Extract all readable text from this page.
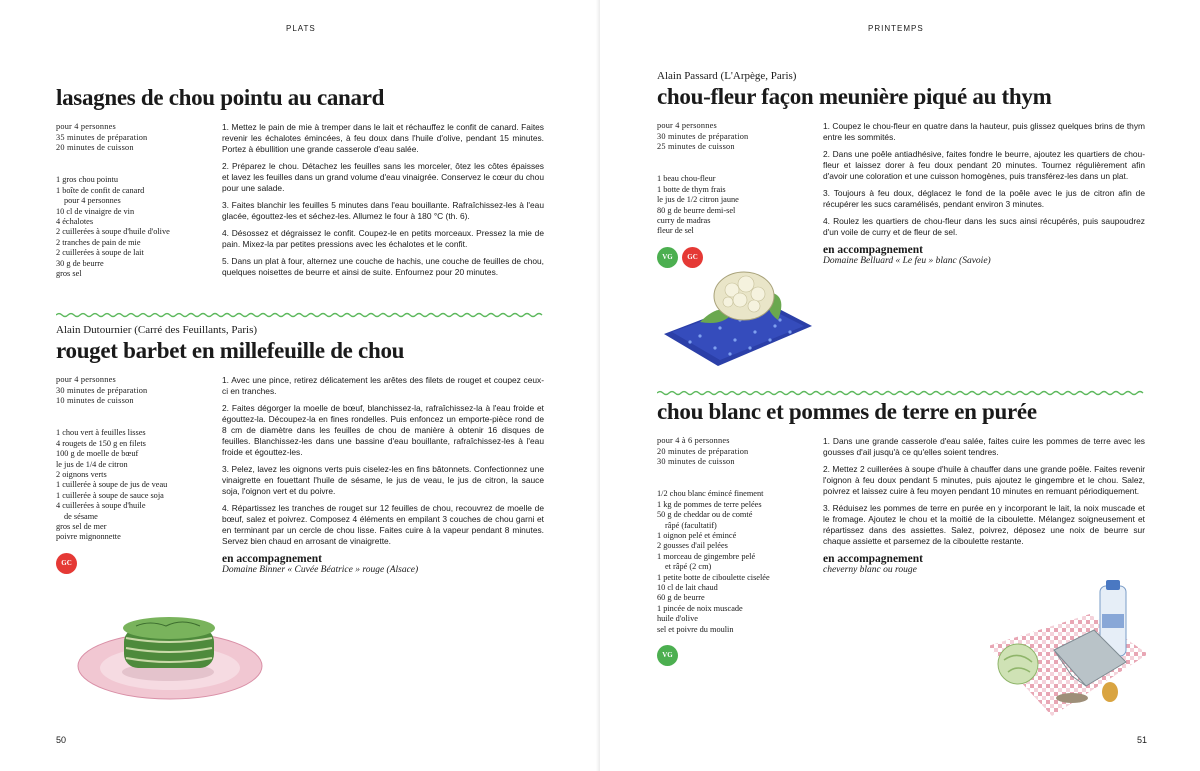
PLATS
lasagnes de chou pointu au canard
pour 4 personnes
35 minutes de préparation
20 minutes de cuisson
1 gros chou pointu
1 boîte de confit de canard
pour 4 personnes
10 cl de vinaigre de vin
4 échalotes
2 cuillerées à soupe d'huile d'olive
2 tranches de pain de mie
2 cuillerées à soupe de lait
30 g de beurre
gros sel

1. Mettez le pain de mie à tremper dans le lait et réchauffez le confit de canard. Faites revenir les échalotes émincées, à feu doux dans l'huile d'olive, pendant 15 minutes. Portez à ébullition une grande casserole d'eau salée.

2. Préparez le chou. Détachez les feuilles sans les morceler, ôtez les côtes épaisses et lavez les feuilles dans un grand volume d'eau vinaigrée. Conservez le cœur du chou pour une salade.

3. Faites blanchir les feuilles 5 minutes dans l'eau bouillante. Rafraîchissez-les à l'eau glacée, égouttez-les et séchez-les. Allumez le four à 180 °C (th. 6).

4. Désossez et dégraissez le confit. Coupez-le en petits morceaux. Pressez la mie de pain. Mixez-la par petites pressions avec les échalotes et le confit.

5. Dans un plat à four, alternez une couche de hachis, une couche de feuilles de chou, quelques noisettes de beurre et ainsi de suite. Enfournez pour 20 minutes.

Alain Dutournier (Carré des Feuillants, Paris)
rouget barbet en millefeuille de chou
pour 4 personnes
30 minutes de préparation
10 minutes de cuisson
1 chou vert à feuilles lisses
4 rougets de 150 g en filets
100 g de moelle de bœuf
le jus de 1/4 de citron
2 oignons verts
1 cuillerée à soupe de jus de veau
1 cuillerée à soupe de sauce soja
4 cuillerées à soupe d'huile
de sésame
gros sel de mer
poivre mignonnette
GC

1. Avec une pince, retirez délicatement les arêtes des filets de rouget et coupez ceux-ci en tranches.

2. Faites dégorger la moelle de bœuf, blanchissez-la, rafraîchissez-la à l'eau froide et égouttez-la. Découpez-la en fines rondelles. Puis enfoncez un emporte-pièce rond de 8 cm de diamètre dans les feuilles de chou de manière à obtenir 16 disques de feuilles. Blanchissez-les dans une bassine d'eau bouillante, rafraîchissez-les à l'eau froide et égouttez-les.

3. Pelez, lavez les oignons verts puis ciselez-les en fins bâtonnets. Confectionnez une vinaigrette en fouettant l'huile de sésame, le jus de veau, le jus de citron, la sauce soja, l'oignon vert et du poivre.

4. Répartissez les tranches de rouget sur 12 feuilles de chou, recouvrez de moelle de bœuf, salez et poivrez. Composez 4 éléments en empilant 3 couches de chou garni et en terminant par un cercle de chou lisse. Faites cuire à la vapeur pendant 8 minutes. Servez bien chaud en arrosant de vinaigrette.

en accompagnement
Domaine Binner « Cuvée Béatrice » rouge (Alsace)
50
PRINTEMPS
Alain Passard (L'Arpège, Paris)
chou-fleur façon meunière piqué au thym
pour 4 personnes
30 minutes de préparation
25 minutes de cuisson
1 beau chou-fleur
1 botte de thym frais
le jus de 1/2 citron jaune
80 g de beurre demi-sel
curry de madras
fleur de sel
VG	GC

1. Coupez le chou-fleur en quatre dans la hauteur, puis glissez quelques brins de thym entre les sommités.

2. Dans une poêle antiadhésive, faites fondre le beurre, ajoutez les quartiers de chou-fleur et laissez dorer à feu doux pendant 20 minutes. Tournez régulièrement afin d'avoir une coloration et une cuisson homogènes, puis transférez-les dans un plat.

3. Toujours à feu doux, déglacez le fond de la poêle avec le jus de citron afin de récupérer les sucs caramélisés, pendant environ 3 minutes.

4. Roulez les quartiers de chou-fleur dans les sucs ainsi récupérés, puis saupoudrez d'un voile de curry et de fleur de sel.

en accompagnement
Domaine Belluard « Le feu » blanc (Savoie)
chou blanc et pommes de terre en purée
pour 4 à 6 personnes
20 minutes de préparation
30 minutes de cuisson
1/2 chou blanc émincé finement
1 kg de pommes de terre pelées
50 g de cheddar ou de comté
râpé (facultatif)
1 oignon pelé et émincé
2 gousses d'ail pelées
1 morceau de gingembre pelé
et râpé (2 cm)
1 petite botte de ciboulette ciselée
10 cl de lait chaud
60 g de beurre
1 pincée de noix muscade
huile d'olive
sel et poivre du moulin
VG

1. Dans une grande casserole d'eau salée, faites cuire les pommes de terre avec les gousses d'ail jusqu'à ce qu'elles soient tendres.

2. Mettez 2 cuillerées à soupe d'huile à chauffer dans une grande poêle. Faites revenir l'oignon à feu doux pendant 5 minutes, puis ajoutez le gingembre et le chou. Salez, poivrez et laissez cuire à feu moyen pendant 10 minutes en remuant périodiquement.

3. Réduisez les pommes de terre en purée en y incorporant le lait, la noix muscade et le fromage. Ajoutez le chou et la moitié de la ciboulette. Mélangez soigneusement et répartissez dans des assiettes. Salez, poivrez, déposez une noix de beurre sur chaque assiette et parsemez de la ciboulette restante.

en accompagnement
cheverny blanc ou rouge
51
